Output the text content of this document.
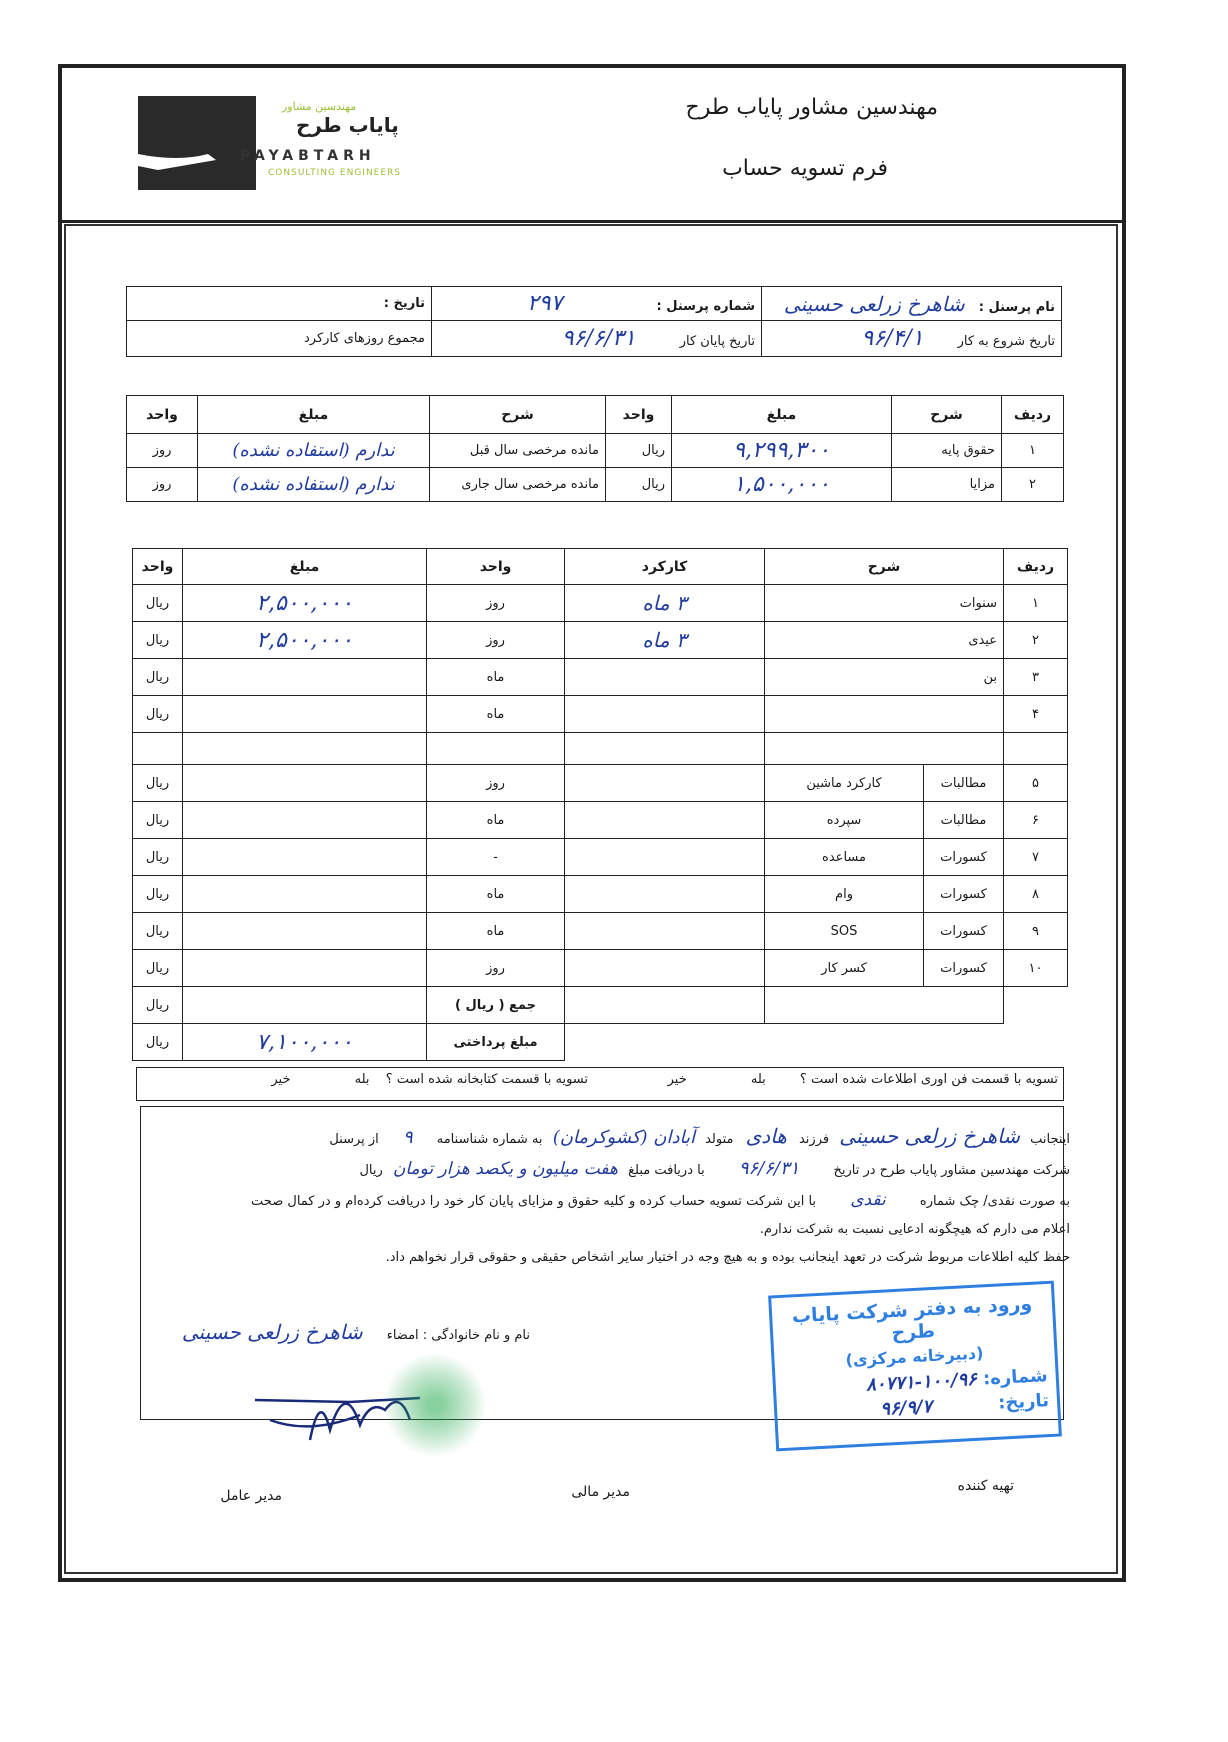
مهندسین مشاور
پایاب طرح
PAYABTARH
CONSULTING ENGINEERS
مهندسین مشاور پایاب طرح
فرم تسویه حساب
نام پرسنل : شاهرخ زرلعی حسینی	شماره پرسنل : ۲۹۷	تاریخ :
تاریخ شروع به کار ۹۶/۴/۱	تاریخ پایان کار ۹۶/۶/۳۱	مجموع روزهای کارکرد
ردیف	شرح	مبلغ	واحد	شرح	مبلغ	واحد
۱	حقوق پایه	۹,۲۹۹,۳۰۰	ریال	مانده مرخصی سال قبل	ندارم (استفاده نشده)	روز
۲	مزایا	۱,۵۰۰,۰۰۰	ریال	مانده مرخصی سال جاری	ندارم (استفاده نشده)	روز
ردیف	شرح		کارکرد	واحد	مبلغ	واحد
۱	سنوات		۳ ماه	روز	۲,۵۰۰,۰۰۰	ریال
۲	عیدی		۳ ماه	روز	۲,۵۰۰,۰۰۰	ریال
۳	بن			ماه		ریال
۴				ماه		ریال

۵	مطالبات	کارکرد ماشین		روز		ریال
۶	مطالبات	سپرده		ماه		ریال
۷	کسورات	مساعده		-		ریال
۸	کسورات	وام		ماه		ریال
۹	کسورات	SOS		ماه		ریال
۱۰	کسورات	کسر کار		روز		ریال
				جمع ( ریال )		ریال
				مبلغ پرداختی	۷,۱۰۰,۰۰۰	ریال
تسویه با قسمت فن اوری اطلاعات شده است ؟ بله خیر
تسویه با قسمت کتابخانه شده است ؟ بله خیر
اینجانب شاهرخ زرلعی حسینی فرزند هادی متولد آبادان (کشوکرمان) به شماره شناسنامه ۹ از پرسنل
شرکت مهندسین مشاور پایاب طرح در تاریخ ۹۶/۶/۳۱ با دریافت مبلغ هفت میلیون و یکصد هزار تومان ریال
به صورت نقدی/ چک شماره نقدی با این شرکت تسویه حساب کرده و کلیه حقوق و مزایای پایان کار خود را دریافت کرده‌ام و در کمال صحت
اعلام می دارم که هیچگونه ادعایی نسبت به شرکت ندارم.
حفظ کلیه اطلاعات مربوط شرکت در تعهد اینجانب بوده و به هیچ وجه در اختیار سایر اشخاص حقیقی و حقوقی قرار نخواهم داد.
نام و نام خانوادگی : امضاء شاهرخ زرلعی حسینی
ورود به دفتر شرکت پایاب طرح
(دبیرخانه مرکزی)
شماره: ۱۰۰/۹۶-۸۰۷۷۱
تاریخ: ۹۶/۹/۷
تهیه کننده
مدیر مالی
مدیر عامل
